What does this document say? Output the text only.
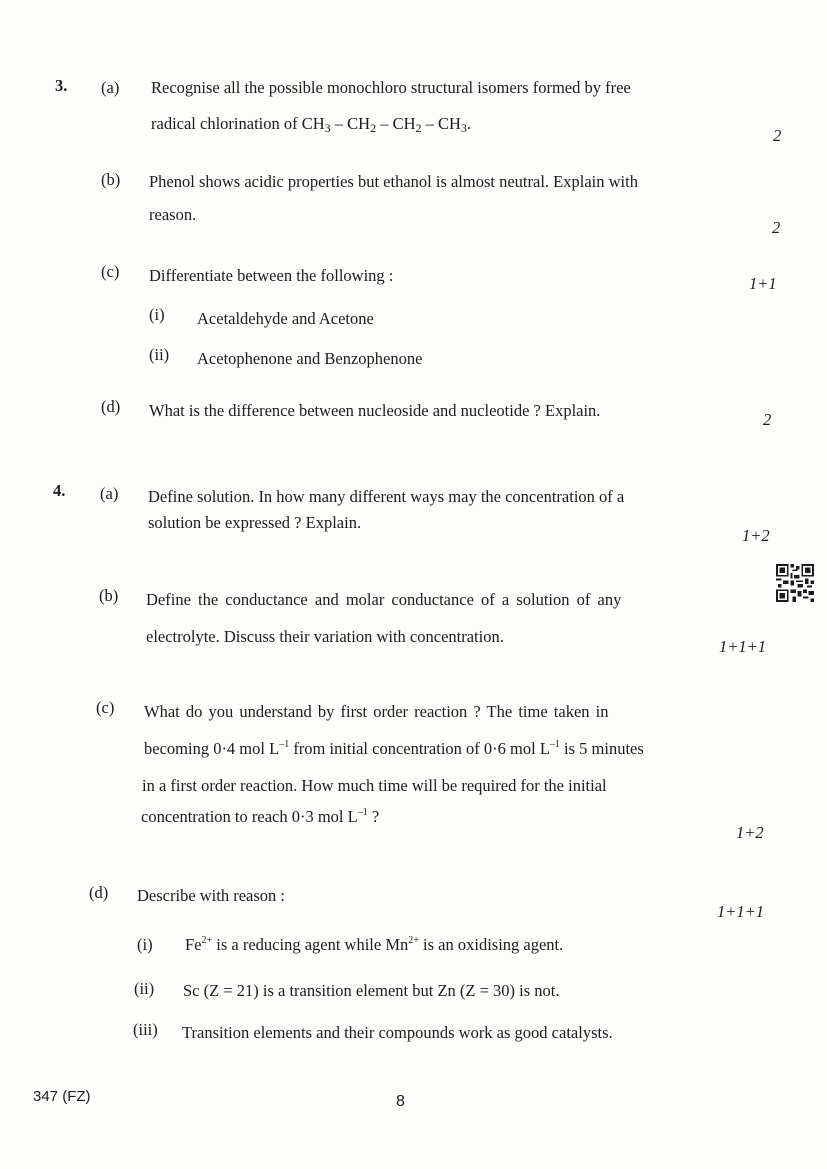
3. (a) Recognise all the possible monochloro structural isomers formed by free
radical chlorination of $CH_3 - CH_2 - CH_2 - CH_3$.
2
(b) Phenol shows acidic properties but ethanol is almost neutral. Explain with
reason.
2
(c) Differentiate between the following :	1+1
(i) Acetaldehyde and Acetone
(ii) Acetophenone and Benzophenone
(d) What is the difference between nucleoside and nucleotide ? Explain.	2
4. (a) Define solution. In how many different ways may the concentration of a
solution be expressed ? Explain.
1+2
(b) Define the conductance and molar conductance of a solution of any
electrolyte. Discuss their variation with concentration.
1+1+1
(c) What do you understand by first order reaction ? The time taken in
becoming 0·4 mol $L^{-1}$ from initial concentration of 0·6 mol $L^{-1}$ is 5 minutes
in a first order reaction. How much time will be required for the initial
concentration to reach 0·3 mol $L^{-1}$ ?
1+2
(d) Describe with reason :
1+1+1
(i) $Fe^{2+}$ is a reducing agent while $Mn^{2+}$ is an oxidising agent.
(ii) Sc (Z = 21) is a transition element but Zn (Z = 30) is not.
(iii) Transition elements and their compounds work as good catalysts.
347 (FZ)	8
